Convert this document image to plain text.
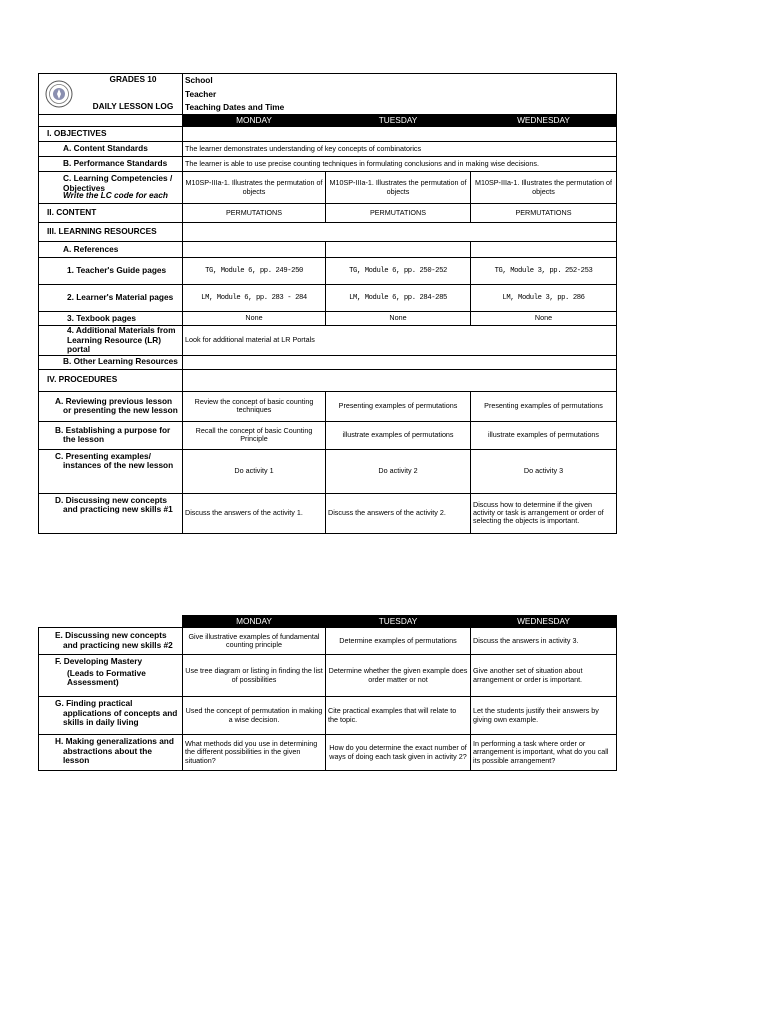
GRADES 10
DAILY LESSON LOG	School		
	Teacher		
	Teaching Dates and Time		
	MONDAY	TUESDAY	WEDNESDAY

I. OBJECTIVES			

A. Content Standards	The learner demonstrates understanding of key concepts of combinatorics		

B. Performance Standards	The learner is able to use precise counting techniques in formulating conclusions and in making wise decisions.		

C. Learning Competencies / Objectives
Write the LC code for each	M10SP-IIIa-1. Illustrates the permutation of objects	M10SP-IIIa-1. Illustrates the permutation of objects	M10SP-IIIa-1. Illustrates the permutation of objects

II. CONTENT	PERMUTATIONS	PERMUTATIONS	PERMUTATIONS

III. LEARNING RESOURCES			

A. References			

1. Teacher's Guide pages	TG, Module 6, pp. 249-250	TG, Module 6, pp. 250-252	TG, Module 3, pp. 252-253

2. Learner's Material pages	LM, Module 6, pp. 283 - 284	LM, Module 6, pp. 284-285	LM, Module 3, pp. 286

3. Texbook pages	None	None	None

4. Additional Materials from Learning Resource (LR) portal	Look for additional material at LR Portals		

B. Other Learning Resources			

IV. PROCEDURES			

A. Reviewing previous lesson or presenting the new lesson	Review the concept of basic counting techniques	Presenting examples of permutations	Presenting examples of permutations

B. Establishing a purpose for the lesson	Recall the concept of basic Counting Principle	illustrate examples of permutations	illustrate examples of permutations

C. Presenting examples/ instances of the new lesson	Do activity 1	Do activity 2	Do activity 3

D. Discussing new concepts and practicing new skills #1	Discuss the answers of the activity 1.	Discuss the answers of the activity 2.	Discuss how to determine if the given activity or task is arrangement or order of selecting the objects is important.
	MONDAY	TUESDAY	WEDNESDAY

E. Discussing new concepts and practicing new skills #2	Give illustrative examples of fundamental counting principle	Determine examples of permutations	Discuss the answers in activity 3.

F. Developing Mastery
(Leads to Formative Assessment)	Use tree diagram or listing in finding the list of possibilities	Determine whether the given example does order matter or not	Give another set of situation about arrangement or order is important.

G. Finding practical applications of concepts and skills in daily living	Used the concept of permutation in making a wise decision.	Cite practical examples that will relate to the topic.	Let the students justify their answers by giving own example.

H. Making generalizations and abstractions about the lesson	What methods did you use in determining the different possibilities in the given situation?	How do you determine the exact number of ways of doing each task given in activity 2?	In performing a task where order or arrangement is important, what do you call its possible arrangement?
